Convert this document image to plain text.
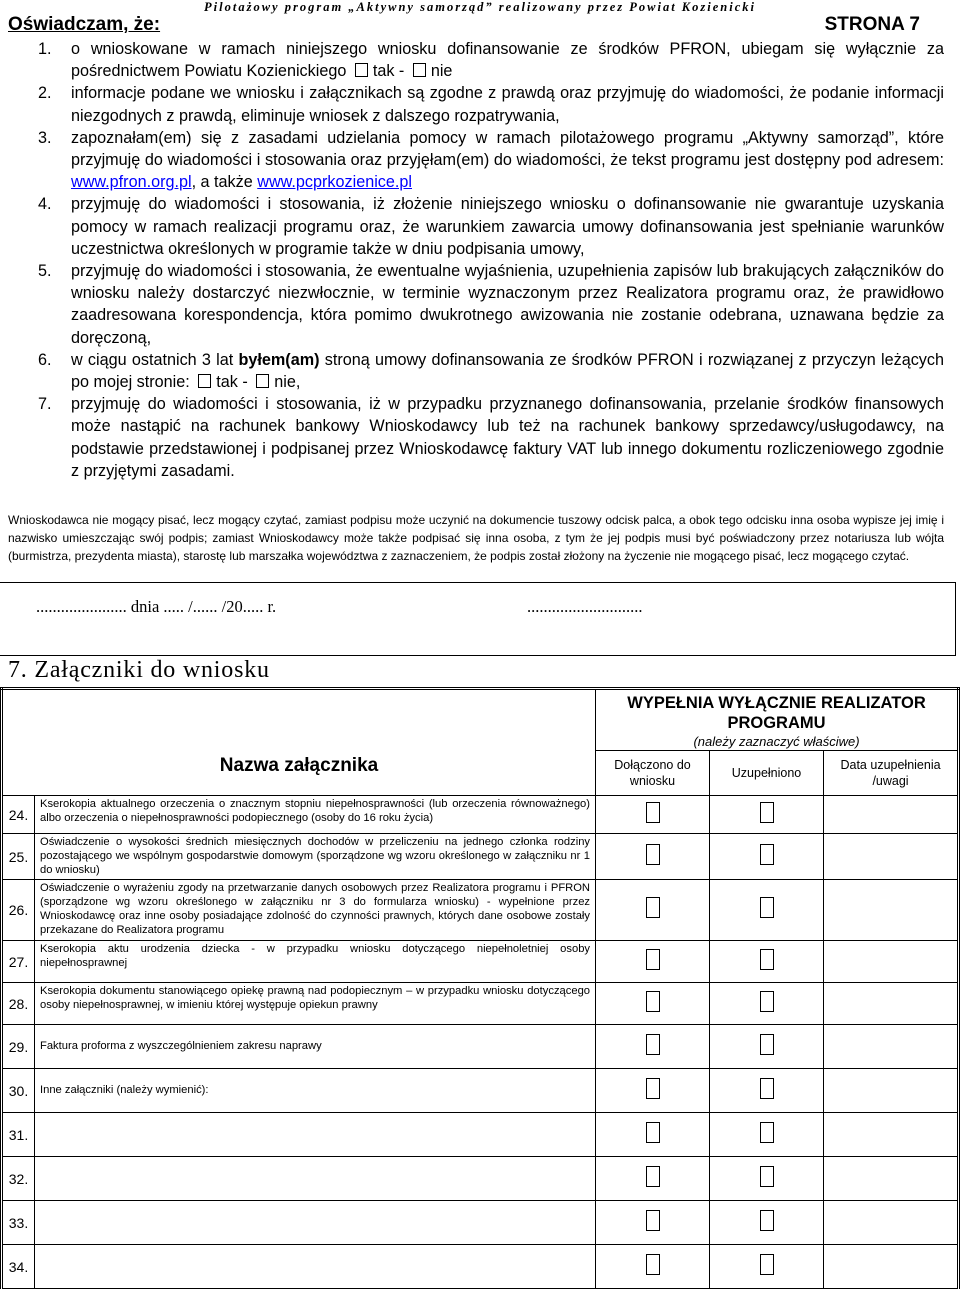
Pilotażowy program „Aktywny samorząd” realizowany przez Powiat Kozienicki
Oświadczam, że:	STRONA 7
1. o wnioskowane w ramach niniejszego wniosku dofinansowanie ze środków PFRON, ubiegam się wyłącznie za pośrednictwem Powiatu Kozienickiego tak - nie
2. informacje podane we wniosku i załącznikach są zgodne z prawdą oraz przyjmuję do wiadomości, że podanie informacji niezgodnych z prawdą, eliminuje wniosek z dalszego rozpatrywania,
3. zapoznałam(em) się z zasadami udzielania pomocy w ramach pilotażowego programu „Aktywny samorząd”, które przyjmuję do wiadomości i stosowania oraz przyjęłam(em) do wiadomości, że tekst programu jest dostępny pod adresem: www.pfron.org.pl, a także www.pcprkozienice.pl
4. przyjmuję do wiadomości i stosowania, iż złożenie niniejszego wniosku o dofinansowanie nie gwarantuje uzyskania pomocy w ramach realizacji programu oraz, że warunkiem zawarcia umowy dofinansowania jest spełnianie warunków uczestnictwa określonych w programie także w dniu podpisania umowy,
5. przyjmuję do wiadomości i stosowania, że ewentualne wyjaśnienia, uzupełnienia zapisów lub brakujących załączników do wniosku należy dostarczyć niezwłocznie, w terminie wyznaczonym przez Realizatora programu oraz, że prawidłowo zaadresowana korespondencja, która pomimo dwukrotnego awizowania nie zostanie odebrana, uznawana będzie za doręczoną,
6. w ciągu ostatnich 3 lat byłem(am) stroną umowy dofinansowania ze środków PFRON i rozwiązanej z przyczyn leżących po mojej stronie: tak - nie,
7. przyjmuję do wiadomości i stosowania, iż w przypadku przyznanego dofinansowania, przelanie środków finansowych może nastąpić na rachunek bankowy Wnioskodawcy lub też na rachunek bankowy sprzedawcy/usługodawcy, na podstawie przedstawionej i podpisanej przez Wnioskodawcę faktury VAT lub innego dokumentu rozliczeniowego zgodnie z przyjętymi zasadami.
Wnioskodawca nie mogący pisać, lecz mogący czytać, zamiast podpisu może uczynić na dokumencie tuszowy odcisk palca, a obok tego odcisku inna osoba wypisze jej imię i nazwisko umieszczając swój podpis; zamiast Wnioskodawcy może także podpisać się inna osoba, z tym że jej podpis musi być poświadczony przez notariusza lub wójta (burmistrza, prezydenta miasta), starostę lub marszałka województwa z zaznaczeniem, że podpis został złożony na życzenie nie mogącego pisać, lecz mogącego czytać.
...................... dnia ..... /...... /20..... r.	............................
7. Załączniki do wniosku
Nazwa załącznika		WYPEŁNIA WYŁĄCZNIE REALIZATOR PROGRAMU
(należy zaznaczyć właściwe)		

		Dołączono do wniosku	Uzupełniono	Data uzupełnienia /uwagi
24.	Kserokopia aktualnego orzeczenia o znacznym stopniu niepełnosprawności (lub orzeczenia równoważnego) albo orzeczenia o niepełnosprawności podopiecznego (osoby do 16 roku życia)			
25.	Oświadczenie o wysokości średnich miesięcznych dochodów w przeliczeniu na jednego członka rodziny pozostającego we wspólnym gospodarstwie domowym (sporządzone wg wzoru określonego w załączniku nr 1 do wniosku)			
26.	Oświadczenie o wyrażeniu zgody na przetwarzanie danych osobowych przez Realizatora programu i PFRON (sporządzone wg wzoru określonego w załączniku nr 3 do formularza wniosku) - wypełnione przez Wnioskodawcę oraz inne osoby posiadające zdolność do czynności prawnych, których dane osobowe zostały przekazane do Realizatora programu			
27.	Kserokopia aktu urodzenia dziecka - w przypadku wniosku dotyczącego niepełnoletniej osoby niepełnosprawnej			
28.	Kserokopia dokumentu stanowiącego opiekę prawną nad podopiecznym – w przypadku wniosku dotyczącego osoby niepełnosprawnej, w imieniu której występuje opiekun prawny			
29.	Faktura proforma z wyszczególnieniem zakresu naprawy			
30.	Inne załączniki (należy wymienić):			
31.				
32.				
33.				
34.				
